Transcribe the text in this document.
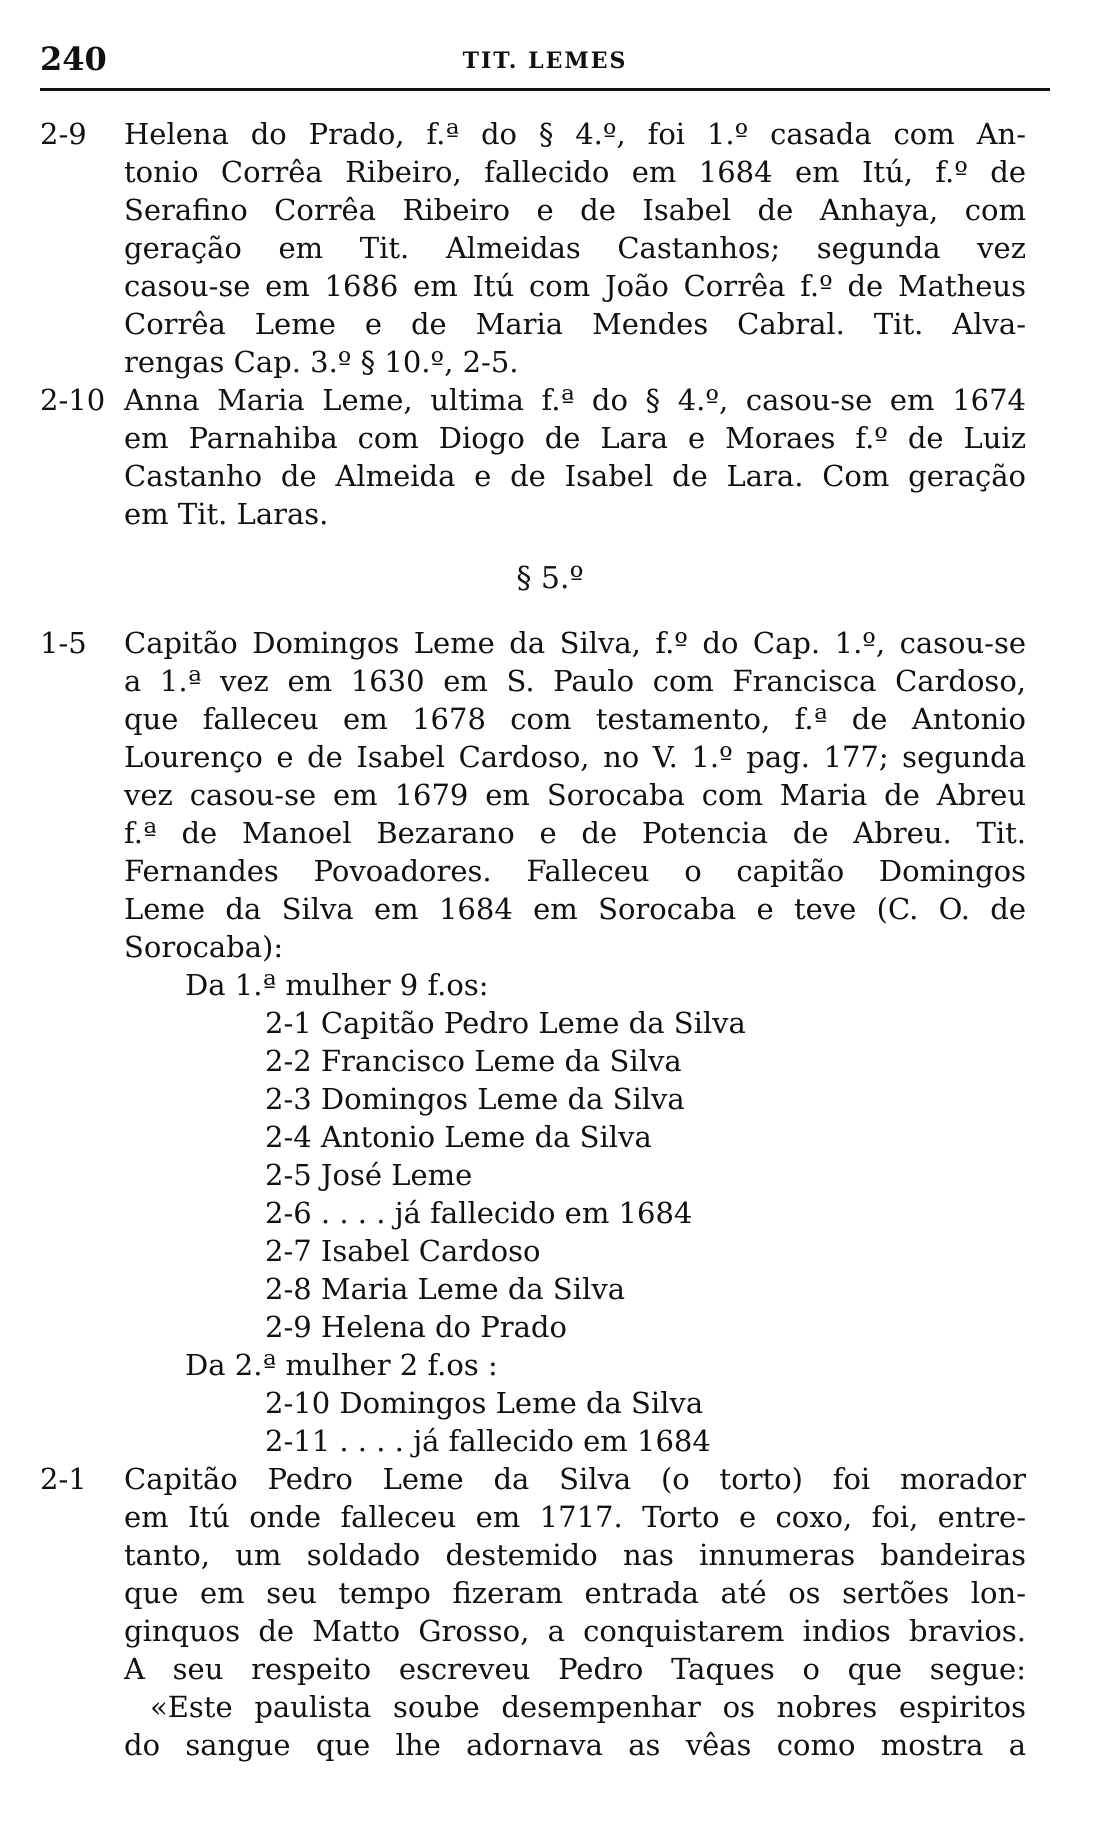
240	TIT. LEMES
2-9 Helena do Prado, f.ª do § 4.º, foi 1.º casada com An-
tonio Corrêa Ribeiro, fallecido em 1684 em Itú, f.º de
Serafino Corrêa Ribeiro e de Isabel de Anhaya, com
geração em Tit. Almeidas Castanhos; segunda vez
casou-se em 1686 em Itú com João Corrêa f.º de Matheus
Corrêa Leme e de Maria Mendes Cabral. Tit. Alva-
rengas Cap. 3.º § 10.º, 2-5.
2-10 Anna Maria Leme, ultima f.ª do § 4.º, casou-se em 1674
em Parnahiba com Diogo de Lara e Moraes f.º de Luiz
Castanho de Almeida e de Isabel de Lara. Com geração
em Tit. Laras.
§ 5.º
1-5 Capitão Domingos Leme da Silva, f.º do Cap. 1.º, casou-se
a 1.ª vez em 1630 em S. Paulo com Francisca Cardoso,
que falleceu em 1678 com testamento, f.ª de Antonio
Lourenço e de Isabel Cardoso, no V. 1.º pag. 177; segunda
vez casou-se em 1679 em Sorocaba com Maria de Abreu
f.ª de Manoel Bezarano e de Potencia de Abreu. Tit.
Fernandes Povoadores. Falleceu o capitão Domingos
Leme da Silva em 1684 em Sorocaba e teve (C. O. de
Sorocaba):
Da 1.ª mulher 9 f.os:
2-1 Capitão Pedro Leme da Silva
2-2 Francisco Leme da Silva
2-3 Domingos Leme da Silva
2-4 Antonio Leme da Silva
2-5 José Leme
2-6 . . . . já fallecido em 1684
2-7 Isabel Cardoso
2-8 Maria Leme da Silva
2-9 Helena do Prado
Da 2.ª mulher 2 f.os :
2-10 Domingos Leme da Silva
2-11 . . . . já fallecido em 1684
2-1 Capitão Pedro Leme da Silva (o torto) foi morador
em Itú onde falleceu em 1717. Torto e coxo, foi, entre-
tanto, um soldado destemido nas innumeras bandeiras
que em seu tempo fizeram entrada até os sertões lon-
ginquos de Matto Grosso, a conquistarem indios bravios.
A seu respeito escreveu Pedro Taques o que segue:
«Este paulista soube desempenhar os nobres espiritos
do sangue que lhe adornava as vêas como mostra a
